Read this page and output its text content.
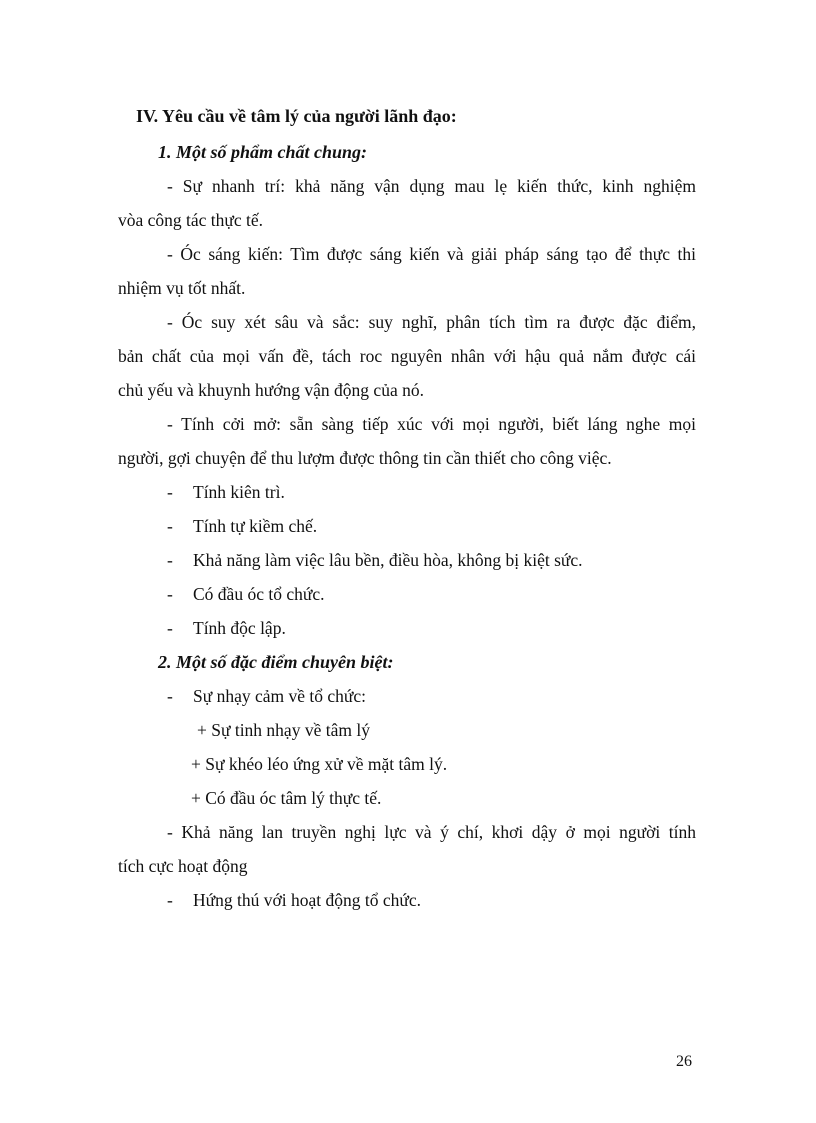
IV. Yêu cầu về tâm lý của người lãnh đạo:
1. Một số phẩm chất chung:
- Sự nhanh trí: khả năng vận dụng mau lẹ kiến thức, kinh nghiệm
vòa công tác thực tế.
- Óc sáng kiến: Tìm được sáng kiến và giải pháp sáng tạo để thực thi
nhiệm vụ tốt nhất.
- Óc suy xét sâu và sắc: suy nghĩ, phân tích tìm ra được đặc điểm,
bản chất của mọi vấn đề, tách roc nguyên nhân với hậu quả nắm được cái
chủ yếu và khuynh hướng vận động của nó.
- Tính cởi mở: sẵn sàng tiếp xúc với mọi người, biết láng nghe mọi
người, gợi chuyện để thu lượm được thông tin cần thiết cho công việc.
- Tính kiên trì.
- Tính tự kiềm chế.
- Khả năng làm việc lâu bền, điều hòa, không bị kiệt sức.
- Có đầu óc tổ chức.
- Tính độc lập.
2. Một số đặc điểm chuyên biệt:
- Sự nhạy cảm về tổ chức:
+ Sự tinh nhạy về tâm lý
+ Sự khéo léo ứng xử về mặt tâm lý.
+ Có đầu óc tâm lý thực tế.
- Khả năng lan truyền nghị lực và ý chí, khơi dậy ở mọi người tính
tích cực hoạt động
- Hứng thú với hoạt động tổ chức.
26
